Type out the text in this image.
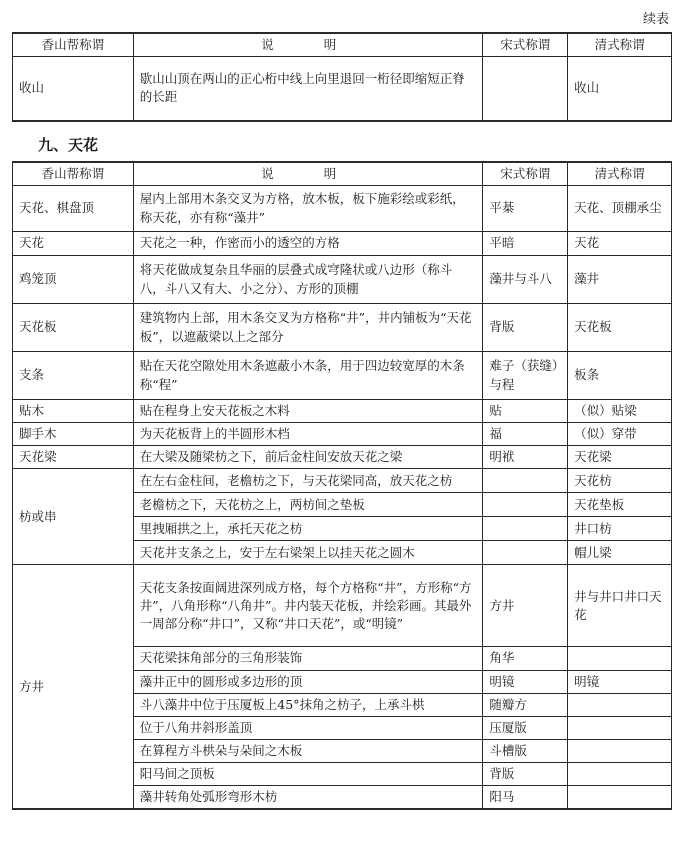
续表
香山帮称谓	说　明	宋式称谓	清式称谓
收山	歇山山顶在两山的正心桁中线上向里退回一桁径即缩短正脊的长距		收山
九、天花
香山帮称谓	说　明	宋式称谓	清式称谓
天花、棋盘顶	屋内上部用木条交叉为方格，放木板，板下施彩绘或彩纸，称天花，亦有称“藻井”	平棊	天花、顶棚承尘
天花	天花之一种，作密而小的透空的方格	平暗	天花
鸡笼顶	将天花做成复杂且华丽的层叠式成穹隆状或八边形（称斗八，斗八又有大、小之分）、方形的顶棚	藻井与斗八	藻井
天花板	建筑物内上部，用木条交叉为方格称“井”，井内铺板为“天花板”，以遮蔽梁以上之部分	背版	天花板
支条	贴在天花空隙处用木条遮蔽小木条，用于四边较宽厚的木条称“程”	难子（获缝）与程	板条
贴木	贴在程身上安天花板之木料	贴	（似）贴梁
脚手木	为天花板背上的半圆形木档	福	（似）穿带
天花梁	在大梁及随梁枋之下，前后金柱间安放天花之梁	明袱	天花梁
枋或串	在左右金柱间，老檐枋之下，与天花梁同高，放天花之枋		天花枋
	老檐枋之下，天花枋之上，两枋间之垫板		天花垫板
	里拽厢拱之上，承托天花之枋		井口枋
	天花井支条之上，安于左右梁架上以挂天花之圆木		帽儿梁
方井	天花支条按面阔进深列成方格，每个方格称“井”，方形称“方井”，八角形称“八角井”。井内装天花板，并绘彩画。其最外一周部分称“井口”，又称“井口天花”，或“明镜”	方井	井与井口井口天花
	天花梁抹角部分的三角形装饰	角华	
	藻井正中的圆形或多边形的顶	明镜	明镜
	斗八藻井中位于压厦板上45°抹角之枋子，上承斗栱	随瓣方	
	位于八角井斜形盖顶	压厦版	
	在算程方斗栱朵与朵间之木板	斗槽版	
	阳马间之顶板	背版	
	藻井转角处弧形弯形木枋	阳马	
